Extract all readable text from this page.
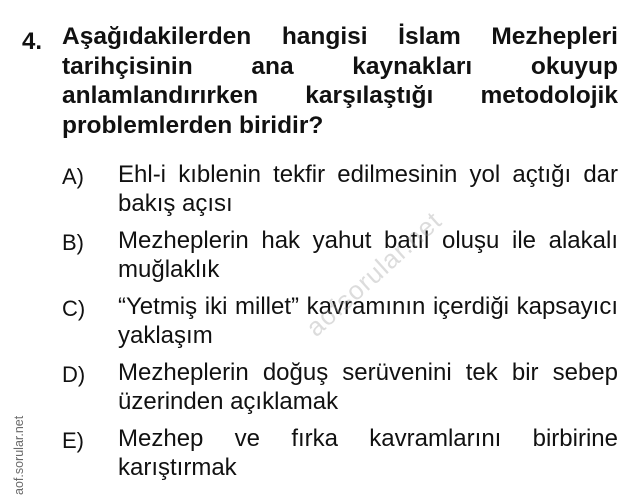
4. Aşağıdakilerden hangisi İslam Mezhepleri tarihçisinin ana kaynakları okuyup anlamlandırırken karşılaştığı metodolojik problemlerden biridir?

A)	Ehl-i kıblenin tekfir edilmesinin yol açtığı dar bakış açısı
B)	Mezheplerin hak yahut batıl oluşu ile alakalı muğlaklık
C)	“Yetmiş iki millet” kavramının içerdiği kapsayıcı yaklaşım
D)	Mezheplerin doğuş serüvenini tek bir sebep üzerinden açıklamak
E)	Mezhep ve fırka kavramlarını birbirine karıştırmak
aofsorular.net
aof.sorular.net
